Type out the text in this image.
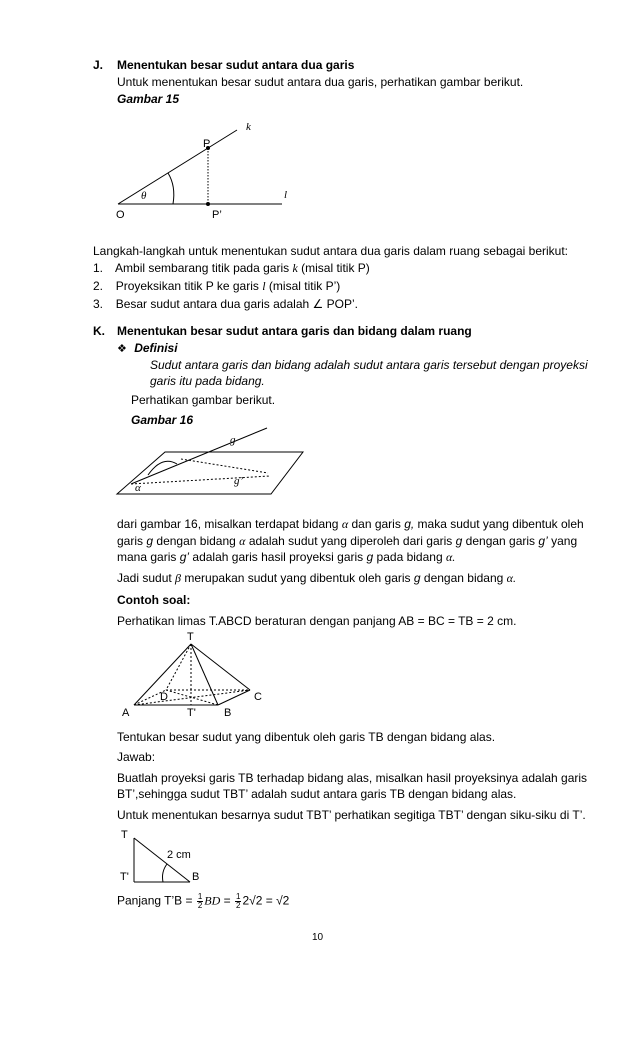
J. Menentukan besar sudut antara dua garis
Untuk menentukan besar sudut antara dua garis, perhatikan gambar berikut.
Gambar 15
k
P
θ	l
O	P’
Langkah-langkah untuk menentukan sudut antara dua garis dalam ruang sebagai berikut:
1. Ambil sembarang titik pada garis k (misal titik P)
2. Proyeksikan titik P ke garis l (misal titik P’)
3. Besar sudut antara dua garis adalah ∠ POP’.
K. Menentukan besar sudut antara garis dan bidang dalam ruang
❖ Definisi
Sudut antara garis dan bidang adalah sudut antara garis tersebut dengan proyeksi
garis itu pada bidang.
Perhatikan gambar berikut.
Gambar 16
g
g’
α
dari gambar 16, misalkan terdapat bidang α dan garis g, maka sudut yang dibentuk oleh
garis g dengan bidang α adalah sudut yang diperoleh dari garis g dengan garis g’ yang
mana garis g’ adalah garis hasil proyeksi garis g pada bidang α.
Jadi sudut β merupakan sudut yang dibentuk oleh garis g dengan bidang α.
Contoh soal:
Perhatikan limas T.ABCD beraturan dengan panjang AB = BC = TB = 2 cm.
T
A	B
C
D
T'
Tentukan besar sudut yang dibentuk oleh garis TB dengan bidang alas.
Jawab:
Buatlah proyeksi garis TB terhadap bidang alas, misalkan hasil proyeksinya adalah garis
BT’,sehingga sudut TBT’ adalah sudut antara garis TB dengan bidang alas.
Untuk menentukan besarnya sudut TBT’ perhatikan segitiga TBT’ dengan siku-siku di T’.
T
T'	B
2 cm
Panjang T’B = $\frac{1}{2}$ BD = $\frac{1}{2} 2√2 = √2$
10
